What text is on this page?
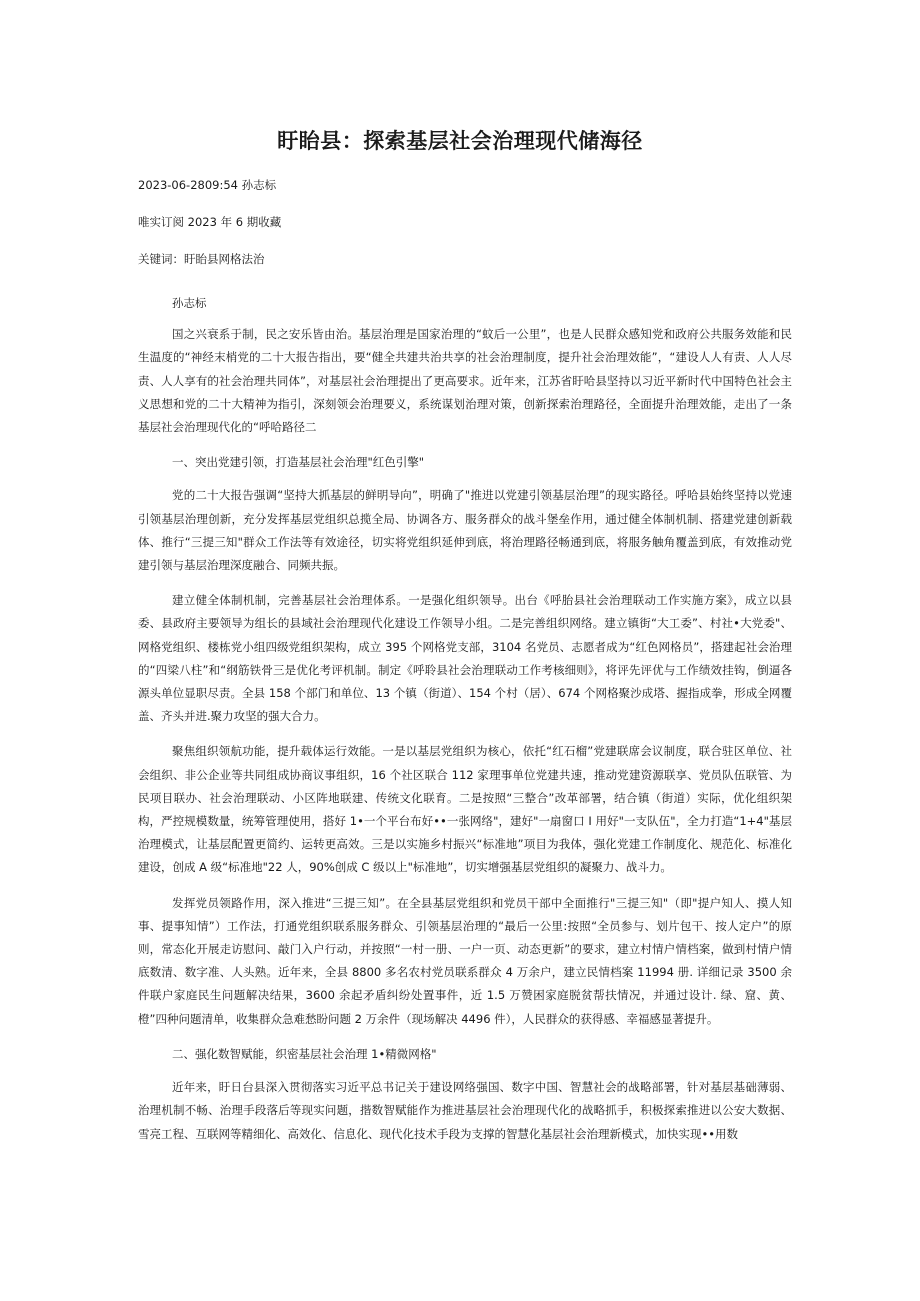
盱眙县：探索基层社会治理现代储海径

2023-06-2809:54 孙志标

唯实订阅 2023 年 6 期收藏

关键词：盱眙县网格法治

孙志标

国之兴衰系于制，民之安乐皆由治。基层治理是国家治理的“蚊后一公里”，也是人民群众感知党和政府公共服务效能和民生温度的“神经末梢党的二十大报告指出，要“健全共建共治共享的社会治理制度，提升社会治理效能”，“建设人人有责、人人尽责、人人享有的社会治理共同体”，对基层社会治理提出了更高要求。近年来，江苏省盱哈县坚持以习近平新时代中国特色社会主义思想和党的二十大精神为指引，深刻领会治理要义，系统谋划治理对策，创新探索治理路径，全面提升治理效能，走出了一条基层社会治理现代化的“呼哈路径二

一、突出党建引领，打造基层社会治理"红色引擎"

党的二十大报告强调“坚持大抓基层的鲜明导向”，明确了"推进以党建引领基层治理”的现实路径。呼哈县始终坚持以党速引领基层治理创新，充分发挥基层党组织总揽全局、协调各方、服务群众的战斗堡垒作用，通过健全体制机制、搭建党建创新载体、推行“三提三知"群众工作法等有效途径，切实将党组织延伸到底，将治理路径畅通到底，将服务触角覆盖到底，有效推动党建引领与基层治理深度融合、同频共振。

建立健全体制机制，完善基层社会治理体系。一是强化组织领导。出台《呼胎县社会治理联动工作实施方案》，成立以县委、县政府主要领导为组长的县域社会治理现代化建设工作领导小组。二是完善组织网络。建立镇街“大工委”、村社•大党委"、网格党组织、楼栋党小组四级党组织架构，成立 395 个网格党支部，3104 名党员、志愿者成为“红色网格员”，搭建起社会治理的“四梁八柱”和“纲筋铁骨三是优化考评机制。制定《呼聆县社会治理联动工作考核细则》，将评先评优与工作绩效挂钩，倒逼各源头单位显职尽责。全县 158 个部门和单位、13 个镇（街道）、154 个村（居）、674 个网格聚沙成塔、握指成拳，形成全网覆盖、齐头并进.聚力攻坚的强大合力。

聚焦组织领航功能，提升载体运行效能。一是以基层党组织为核心，依托“红石榴”党建联席会议制度，联合驻区单位、社会组织、非公企业等共同组成协商议事组织，16 个社区联合 112 家理事单位党建共速，推动党建资源联享、党员队伍联管、为民项目联办、社会治理联动、小区阵地联建、传统文化联育。二是按照“三整合”改革部署，结合镇（街道）实际，优化组织架构，严控规模数量，统筹管理使用，搭好 1•一个平台布好••一张网络"，建好"一扇窗口 I 用好"一支队伍"，全力打造“1+4"基层治理模式，让基层配置更简约、运转更高效。三是以实施乡村振兴“标准地”项目为我体，强化党建工作制度化、规范化、标准化建设，创成 A 级“标准地"22 人，90%创成 C 级以上"标准地”，切实增强基层党组织的凝聚力、战斗力。

发挥党员领路作用，深入推进“三提三知”。在全县基层党组织和党员干部中全面推行"三提三知"（即"提户知人、摸人知事、提事知情”）工作法，打通党组织联系服务群众、引领基层治理的“最后一公里:按照“全员参与、划片包干、按人定户”的原则，常态化开展走访慰问、敲门入户行动，并按照“一村一册、一户一页、动态更新”的要求，建立村情户情档案，做到村情户情底数清、数字准、人头熟。近年来，全县 8800 多名农村党员联系群众 4 万余户，建立民情档案 11994 册. 详细记录 3500 余件联户家庭民生问题解决结果，3600 余起矛盾纠纷处置事件，近 1.5 万赞困家庭脱贫帮扶情况，并通过设计. 绿、窟、黄、橙”四种问题清单，收集群众急难愁盼问题 2 万余件（现场解决 4496 件），人民群众的获得感、幸福感显著提升。

二、强化数智赋能，织密基层社会治理 1•精微网格"

近年来，盱日台县深入贯彻落实习近平总书记关于建设网络强国、数字中国、智慧社会的战略部署，针对基层基础薄弱、治理机制不畅、治理手段落后等现实问题，揩数智赋能作为推进基层社会治理现代化的战略抓手，积极探索推进以公安大数据、雪亮工程、互联网等精细化、高效化、信息化、现代化技术手段为支撑的智慧化基层社会治理新模式，加快实现••用数
